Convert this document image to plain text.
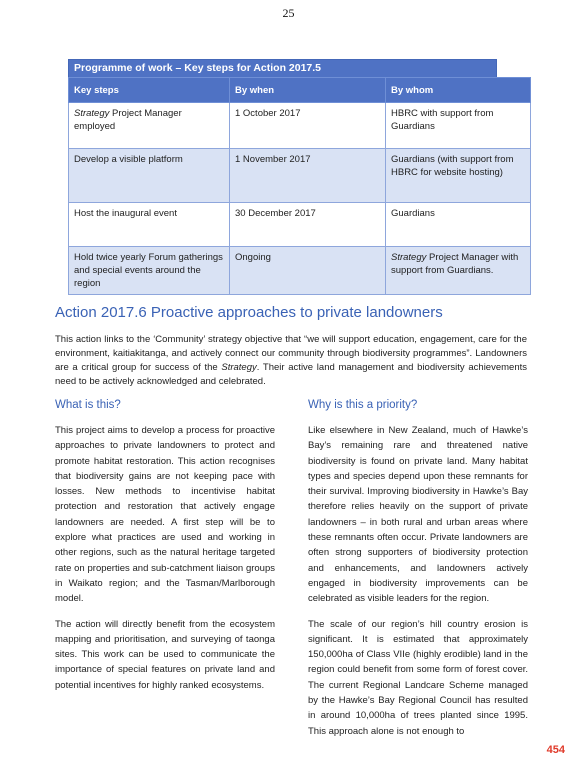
25
Programme of work – Key steps for Action 2017.5
Key steps	By when	By whom
Strategy Project Manager employed	1 October 2017	HBRC with support from Guardians
Develop a visible platform	1 November 2017	Guardians (with support from HBRC for website hosting)
Host the inaugural event	30 December 2017	Guardians
Hold twice yearly Forum gatherings and special events around the region	Ongoing	Strategy Project Manager with support from Guardians.
Action 2017.6 Proactive approaches to private landowners

This action links to the ‘Community’ strategy objective that “we will support education, engagement, care for the environment, kaitiakitanga, and actively connect our community through biodiversity programmes”. Landowners are a critical group for success of the Strategy. Their active land management and biodiversity achievements need to be actively acknowledged and celebrated.

What is this?

This project aims to develop a process for proactive approaches to private landowners to protect and promote habitat restoration. This action recognises that biodiversity gains are not keeping pace with losses. New methods to incentivise habitat protection and restoration that actively engage landowners are needed. A first step will be to explore what practices are used and working in other regions, such as the natural heritage targeted rate on properties and sub-catchment liaison groups in Waikato region; and the Tasman/Marlborough model.

The action will directly benefit from the ecosystem mapping and prioritisation, and surveying of taonga sites. This work can be used to communicate the importance of special features on private land and potential incentives for highly ranked ecosystems.

Why is this a priority?

Like elsewhere in New Zealand, much of Hawke’s Bay’s remaining rare and threatened native biodiversity is found on private land. Many habitat types and species depend upon these remnants for their survival. Improving biodiversity in Hawke’s Bay therefore relies heavily on the support of private landowners – in both rural and urban areas where these remnants often occur. Private landowners are often strong supporters of biodiversity protection and enhancements, and landowners actively engaged in biodiversity improvements can be celebrated as visible leaders for the region.

The scale of our region’s hill country erosion is significant. It is estimated that approximately 150,000ha of Class VIIe (highly erodible) land in the region could benefit from some form of forest cover. The current Regional Landcare Scheme managed by the Hawke’s Bay Regional Council has resulted in around 10,000ha of trees planted since 1995. This approach alone is not enough to

454
